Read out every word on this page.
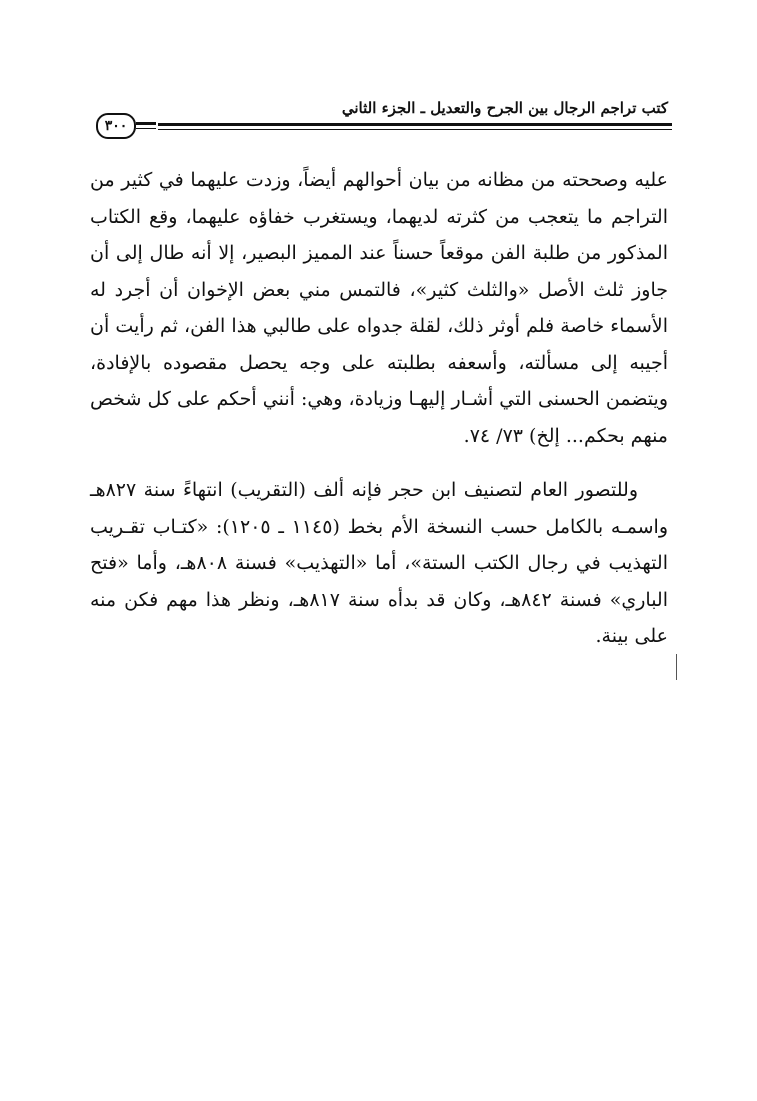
كتب تراجم الرجال بين الجرح والتعديل ـ الجزء الثاني
٣٠٠

عليه وصححته من مظانه من بيان أحوالهم أيضاً، وزدت عليهما في كثير من التراجم ما يتعجب من كثرته لديهما، ويستغرب خفاؤه عليهما، وقع الكتاب المذكور من طلبة الفن موقعاً حسناً عند المميز البصير، إلا أنه طال إلى أن جاوز ثلث الأصل «والثلث كثير»، فالتمس مني بعض الإخوان أن أجرد له الأسماء خاصة فلم أوثر ذلك، لقلة جدواه على طالبي هذا الفن، ثم رأيت أن أجيبه إلى مسألته، وأسعفه بطلبته على وجه يحصل مقصوده بالإفادة، ويتضمن الحسنى التي أشـار إليهـا وزيادة، وهي: أنني أحكم على كل شخص منهم بحكم... إلخ) ٧٣/ ٧٤.

وللتصور العام لتصنيف ابن حجر فإنه ألف (التقريب) انتهاءً سنة ٨٢٧هـ واسمـه بالكامل حسب النسخة الأم بخط (١١٤٥ ـ ١٢٠٥): «كتـاب تقـريب التهذيب في رجال الكتب الستة»، أما «التهذيب» فسنة ٨٠٨هـ، وأما «فتح الباري» فسنة ٨٤٢هـ، وكان قد بدأه سنة ٨١٧هـ، ونظر هذا مهم فكن منه على بينة.
